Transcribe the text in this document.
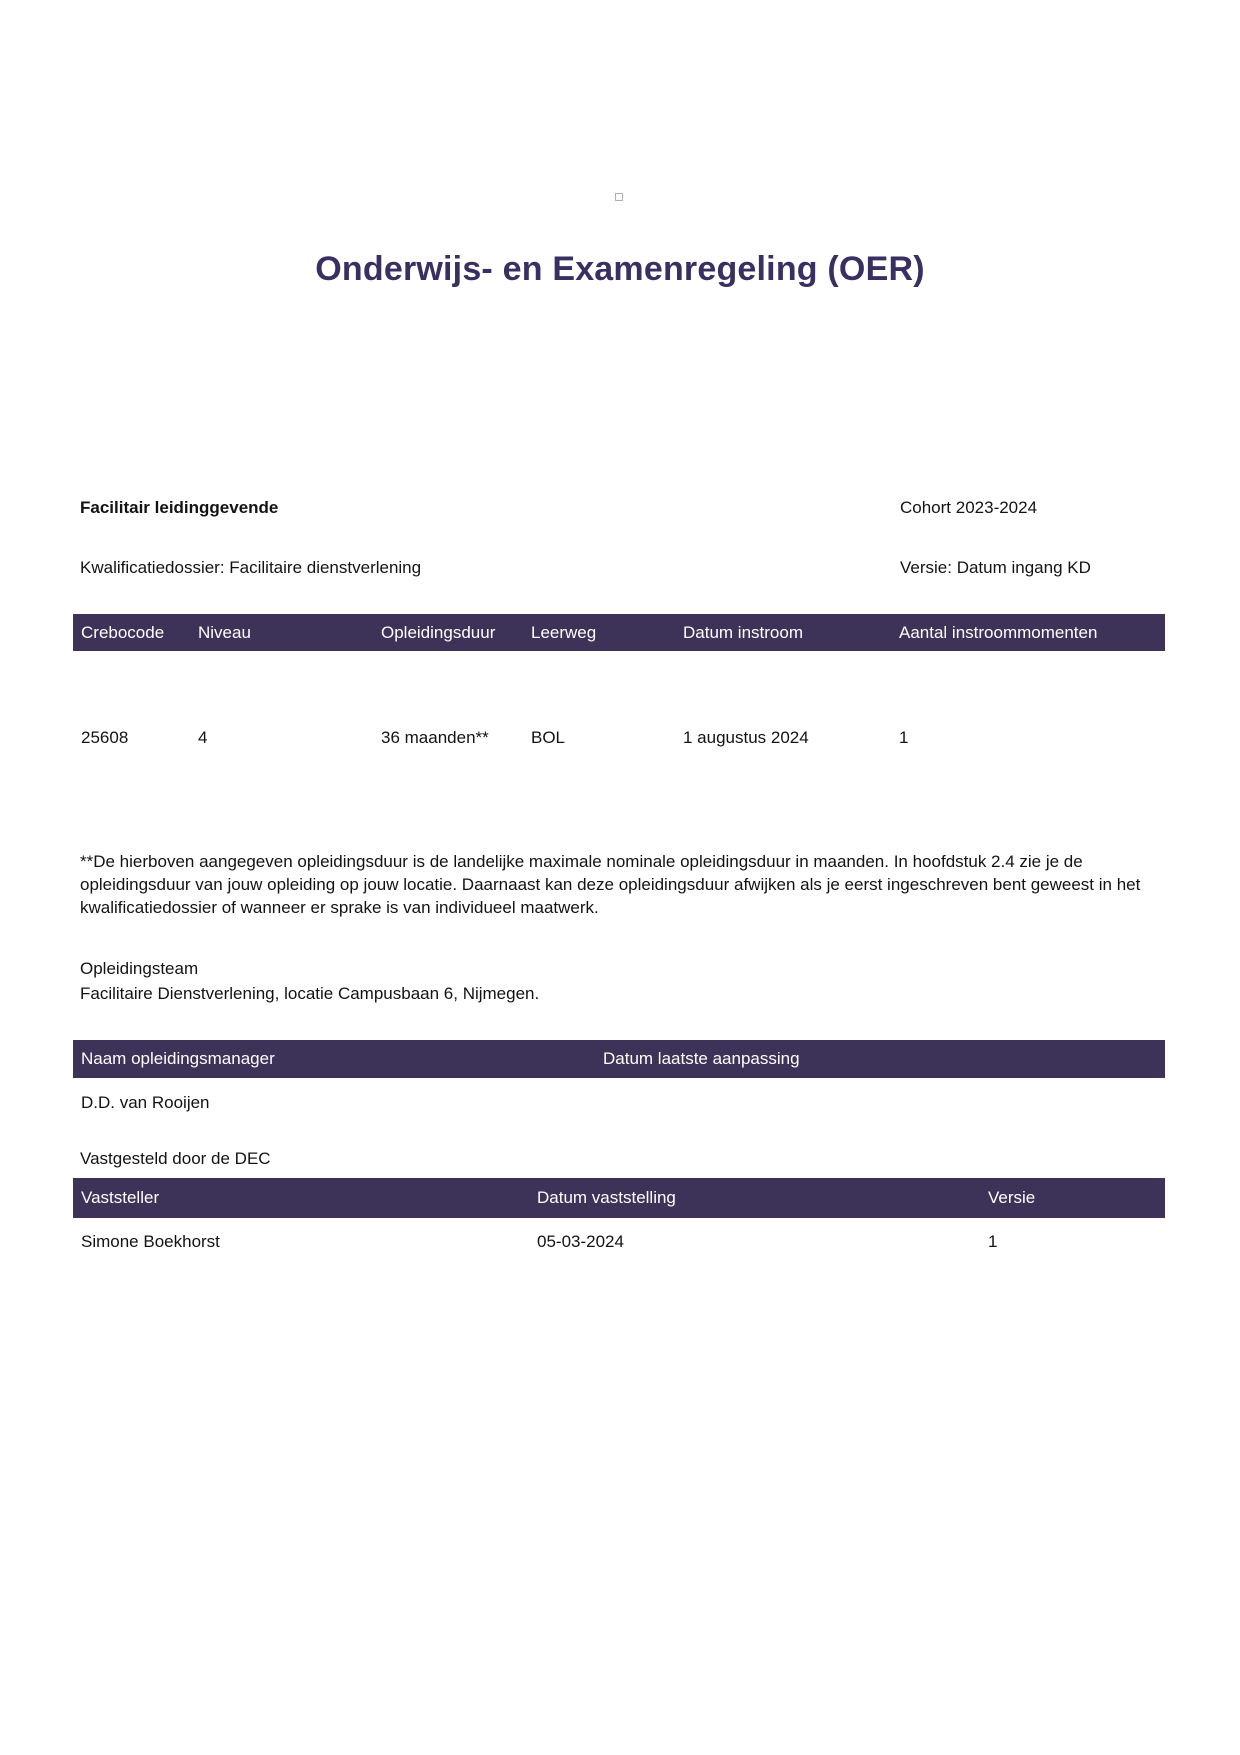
Onderwijs- en Examenregeling (OER)
Facilitair leidinggevende	Cohort 2023-2024
Kwalificatiedossier: Facilitaire dienstverlening	Versie: Datum ingang KD
Crebocode	Niveau	Opleidingsduur	Leerweg	Datum instroom	Aantal instroommomenten
25608	4	36 maanden**	BOL	1 augustus 2024	1

**De hierboven aangegeven opleidingsduur is de landelijke maximale nominale opleidingsduur in maanden. In hoofdstuk 2.4 zie je de opleidingsduur van jouw opleiding op jouw locatie. Daarnaast kan deze opleidingsduur afwijken als je eerst ingeschreven bent geweest in het kwalificatiedossier of wanneer er sprake is van individueel maatwerk.

Opleidingsteam
Facilitaire Dienstverlening, locatie Campusbaan 6, Nijmegen.
Naam opleidingsmanager	Datum laatste aanpassing
D.D. van Rooijen

Vastgesteld door de DEC

Vaststeller	Datum vaststelling	Versie
Simone Boekhorst	05-03-2024	1
